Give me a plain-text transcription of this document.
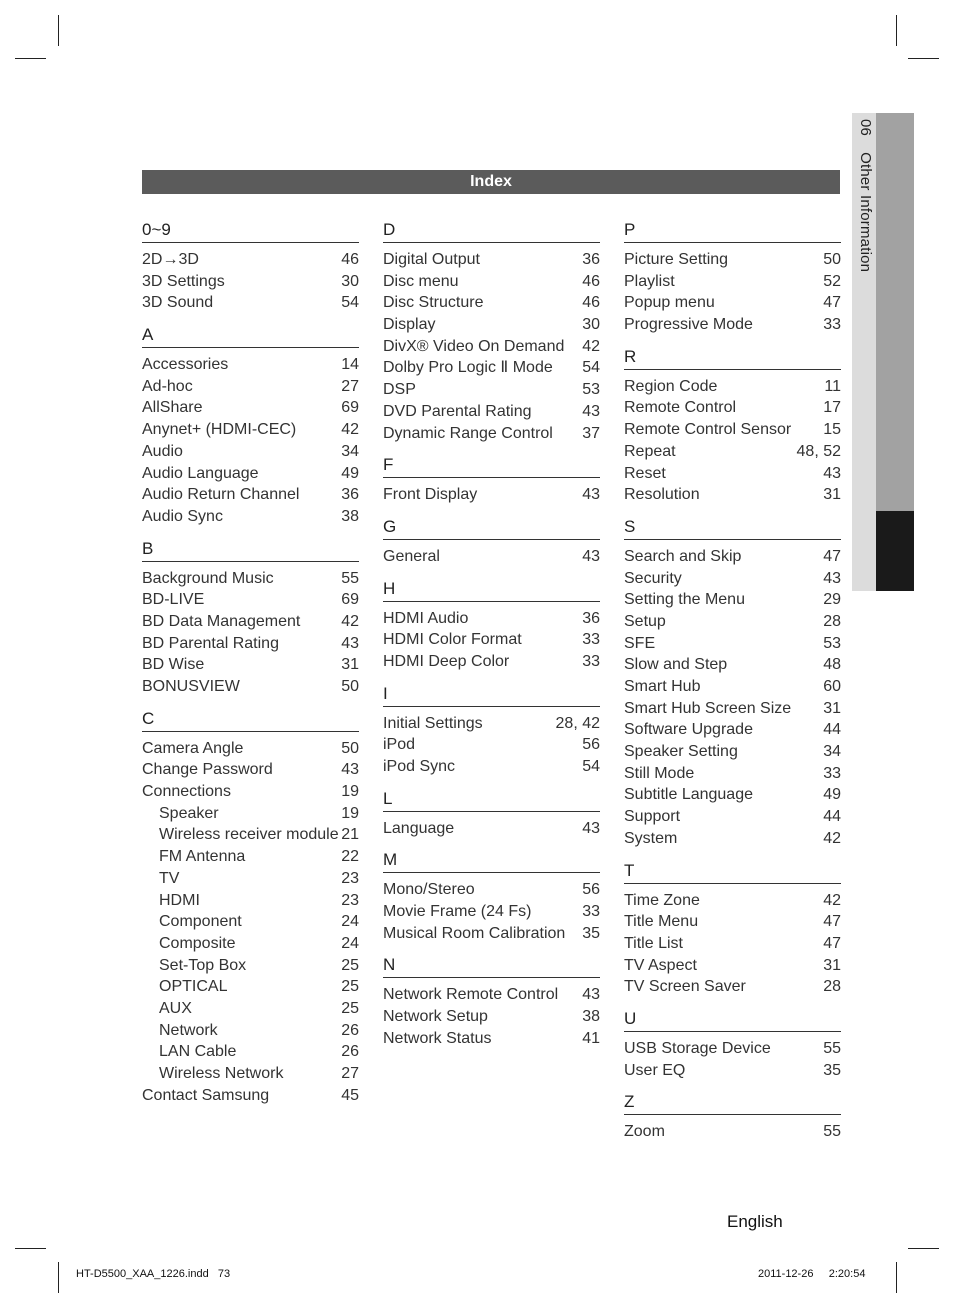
06Other Information
Index
0~9
2D→3D	46
3D Settings	30
3D Sound	54
A
Accessories	14
Ad-hoc	27
AllShare	69
Anynet+ (HDMI-CEC)	42
Audio	34
Audio Language	49
Audio Return Channel	36
Audio Sync	38
B
Background Music	55
BD-LIVE	69
BD Data Management	42
BD Parental Rating	43
BD Wise	31
BONUSVIEW	50
C
Camera Angle	50
Change Password	43
Connections	19
Speaker	19
Wireless receiver module 21
FM Antenna	22
TV	23
HDMI	23
Component	24
Composite	24
Set-Top Box	25
OPTICAL	25
AUX	25
Network	26
LAN Cable	26
Wireless Network	27
Contact Samsung	45
D
Digital Output	36
Disc menu	46
Disc Structure	46
Display	30
DivX® Video On Demand 42
Dolby Pro Logic Ⅱ Mode 54
DSP	53
DVD Parental Rating	43
Dynamic Range Control 37
F
Front Display	43
G
General	43
H
HDMI Audio	36
HDMI Color Format	33
HDMI Deep Color	33
I
Initial Settings	28, 42
iPod	56
iPod Sync	54
L
Language	43
M
Mono/Stereo	56
Movie Frame (24 Fs)	33
Musical Room Calibration 35
N
Network Remote Control 43
Network Setup	38
Network Status	41
P
Picture Setting	50
Playlist	52
Popup menu	47
Progressive Mode	33
R
Region Code	11
Remote Control	17
Remote Control Sensor 15
Repeat	48, 52
Reset	43
Resolution	31
S
Search and Skip	47
Security	43
Setting the Menu	29
Setup	28
SFE	53
Slow and Step	48
Smart Hub	60
Smart Hub Screen Size 31
Software Upgrade	44
Speaker Setting	34
Still Mode	33
Subtitle Language	49
Support	44
System	42
T
Time Zone	42
Title Menu	47
Title List	47
TV Aspect	31
TV Screen Saver	28
U
USB Storage Device	55
User EQ	35
Z
Zoom	55
English
HT-D5500_XAA_1226.indd   73	2011-12-26     2:20:54
